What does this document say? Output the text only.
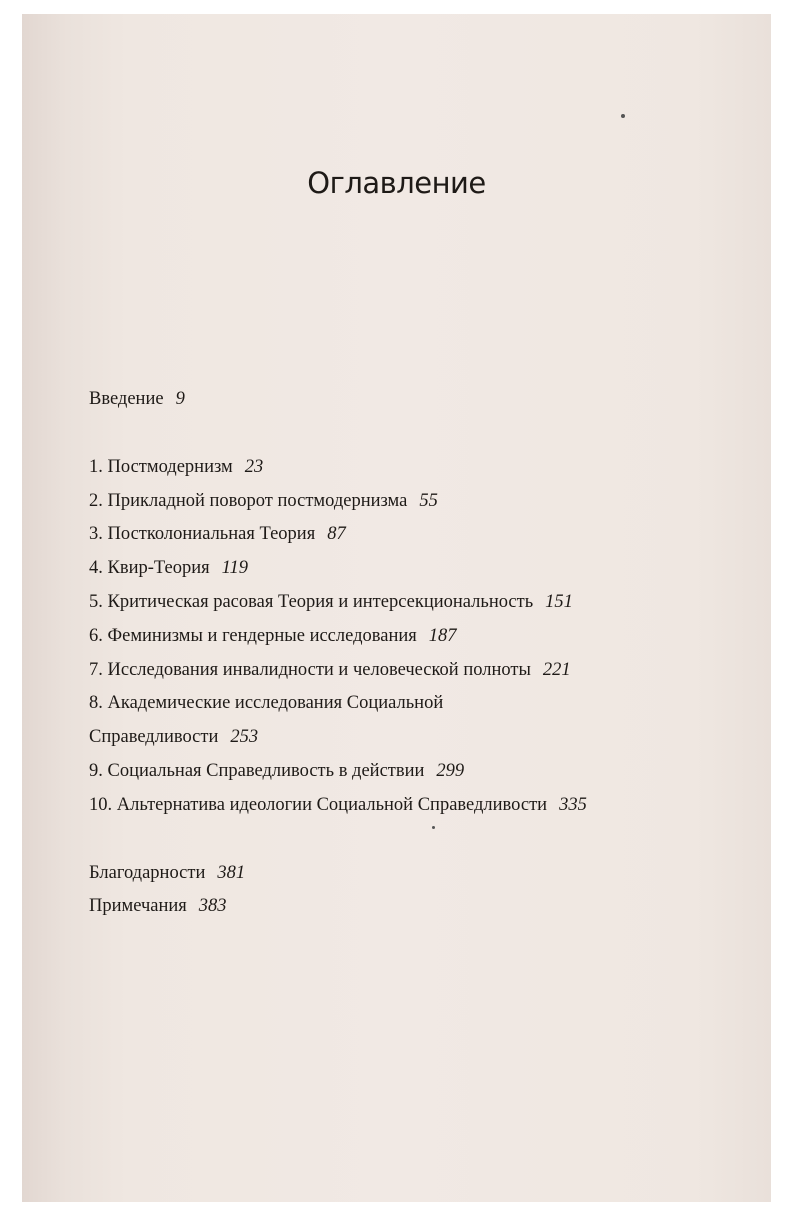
Оглавление
Введение 9
1. Постмодернизм 23
2. Прикладной поворот постмодернизма 55
3. Постколониальная Теория 87
4. Квир-Теория 119
5. Критическая расовая Теория и интерсекциональность 151
6. Феминизмы и гендерные исследования 187
7. Исследования инвалидности и человеческой полноты 221
8. Академические исследования Социальной
Справедливости 253
9. Социальная Справедливость в действии 299
10. Альтернатива идеологии Социальной Справедливости 335
Благодарности 381
Примечания 383
